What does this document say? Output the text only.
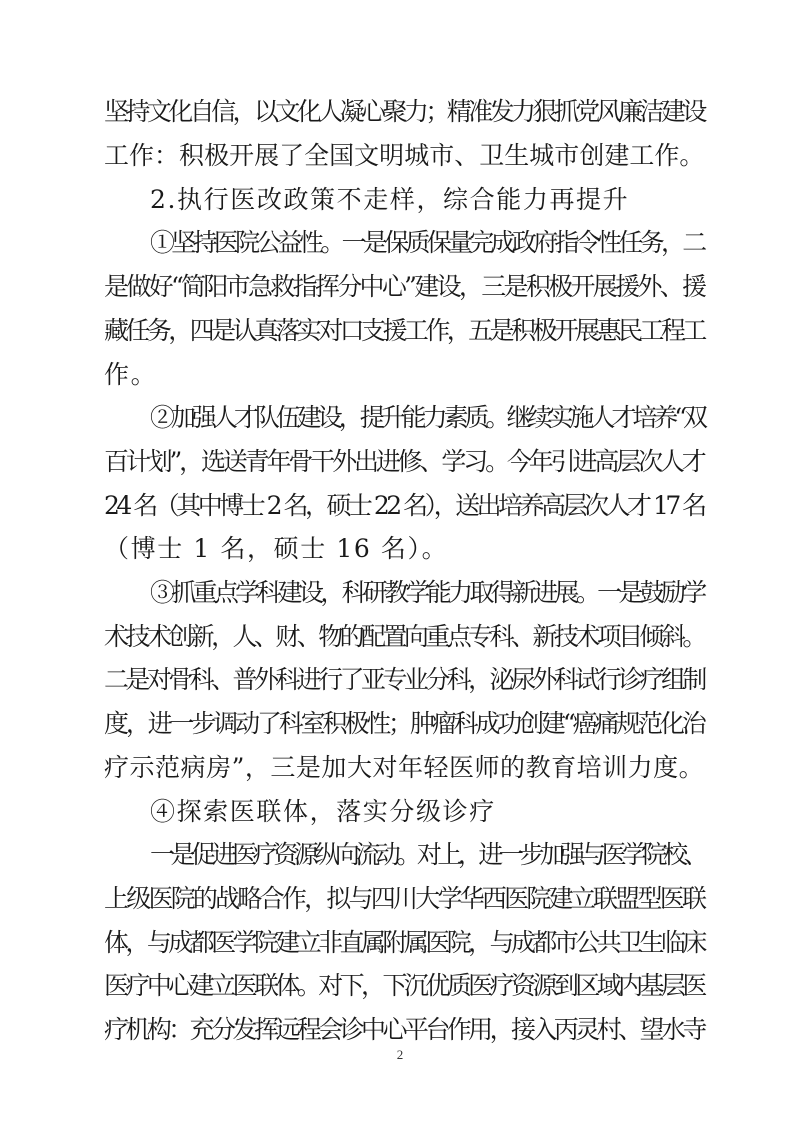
坚持文化自信，以文化人凝心聚力；精准发力狠抓党风廉洁建设
工作：积极开展了全国文明城市、卫生城市创建工作。
2.执行医改政策不走样，综合能力再提升
①坚持医院公益性。一是保质保量完成政府指令性任务，二
是做好“简阳市急救指挥分中心”建设，三是积极开展援外、援
藏任务，四是认真落实对口支援工作，五是积极开展惠民工程工
作。
②加强人才队伍建设，提升能力素质。继续实施人才培养“双
百计划”，选送青年骨干外出进修、学习。今年引进高层次人才
24 名（其中博士 2 名，硕士 22 名），送出培养高层次人才 17 名
（博士 1 名，硕士 16 名）。
③抓重点学科建设，科研教学能力取得新进展。一是鼓励学
术技术创新，人、财、物的配置向重点专科、新技术项目倾斜。
二是对骨科、普外科进行了亚专业分科，泌尿外科试行诊疗组制
度，进一步调动了科室积极性；肿瘤科成功创建“癌痛规范化治
疗示范病房”，三是加大对年轻医师的教育培训力度。
④探索医联体，落实分级诊疗
一是促进医疗资源纵向流动。对上，进一步加强与医学院校、
上级医院的战略合作，拟与四川大学华西医院建立联盟型医联
体，与成都医学院建立非直属附属医院，与成都市公共卫生临床
医疗中心建立医联体。对下，下沉优质医疗资源到区域内基层医
疗机构：充分发挥远程会诊中心平台作用，接入丙灵村、望水寺
2
